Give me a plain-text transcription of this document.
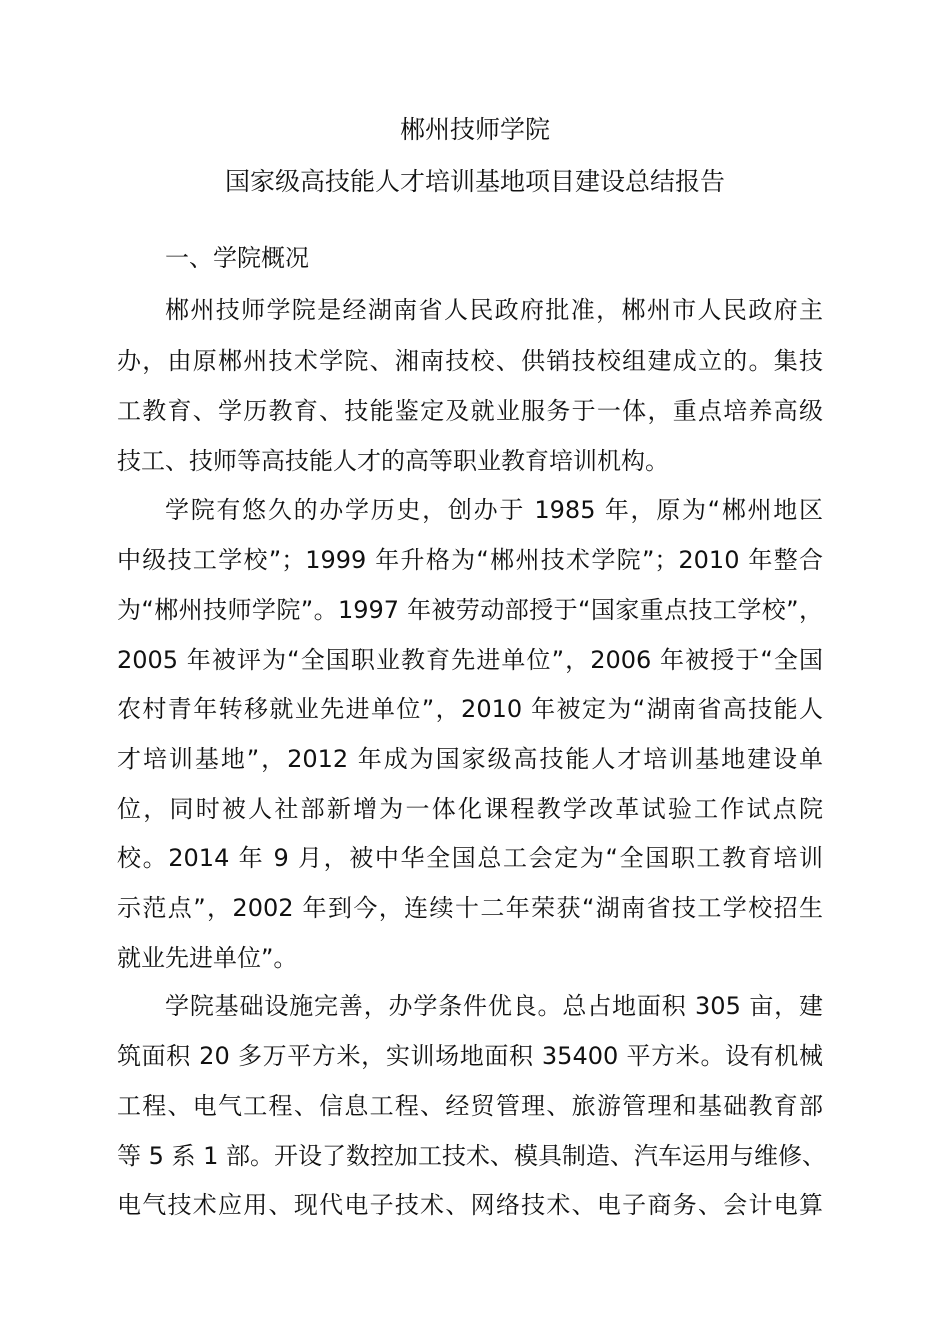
郴州技师学院
国家级高技能人才培训基地项目建设总结报告
一、学院概况
郴州技师学院是经湖南省人民政府批准，郴州市人民政府主
办，由原郴州技术学院、湘南技校、供销技校组建成立的。集技
工教育、学历教育、技能鉴定及就业服务于一体，重点培养高级
技工、技师等高技能人才的高等职业教育培训机构。
学院有悠久的办学历史，创办于 1985 年，原为“郴州地区
中级技工学校”；1999 年升格为“郴州技术学院”；2010 年整合
为“郴州技师学院”。1997 年被劳动部授于“国家重点技工学校”，
2005 年被评为“全国职业教育先进单位”，2006 年被授于“全国
农村青年转移就业先进单位”，2010 年被定为“湖南省高技能人
才培训基地”，2012 年成为国家级高技能人才培训基地建设单
位，同时被人社部新增为一体化课程教学改革试验工作试点院
校。2014 年 9 月，被中华全国总工会定为“全国职工教育培训
示范点”，2002 年到今，连续十二年荣获“湖南省技工学校招生
就业先进单位”。
学院基础设施完善，办学条件优良。总占地面积 305 亩，建
筑面积 20 多万平方米，实训场地面积 35400 平方米。设有机械
工程、电气工程、信息工程、经贸管理、旅游管理和基础教育部
等 5 系 1 部。开设了数控加工技术、模具制造、汽车运用与维修、
电气技术应用、现代电子技术、网络技术、电子商务、会计电算
